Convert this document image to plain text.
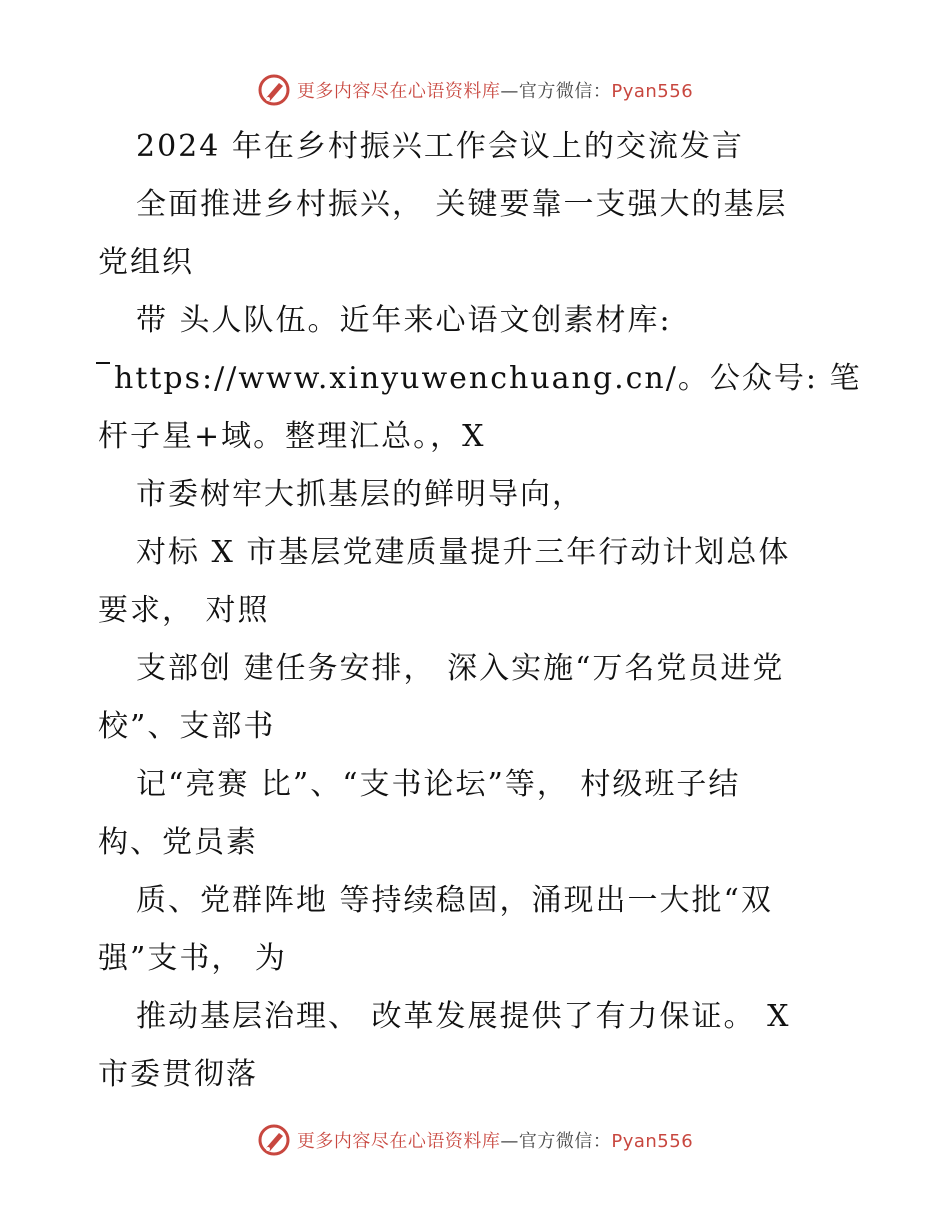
更多内容尽在心语资料库—官方微信：Pyan556
2024 年在乡村振兴工作会议上的交流发言
全面推进乡村振兴， 关键要靠一支强大的基层
党组织
带 头人队伍。近年来心语文创素材库:
https://www.xinyuwenchuang.cn/。公众号: 笔
杆子星+域。整理汇总。，X
市委树牢大抓基层的鲜明导向，
对标 X 市基层党建质量提升三年行动计划总体
要求， 对照
支部创 建任务安排， 深入实施“万名党员进党
校”、支部书
记“亮赛 比”、“支书论坛”等， 村级班子结
构、党员素
质、党群阵地 等持续稳固，涌现出一大批“双
强”支书， 为
推动基层治理、 改革发展提供了有力保证。 X
市委贯彻落
更多内容尽在心语资料库—官方微信：Pyan556
